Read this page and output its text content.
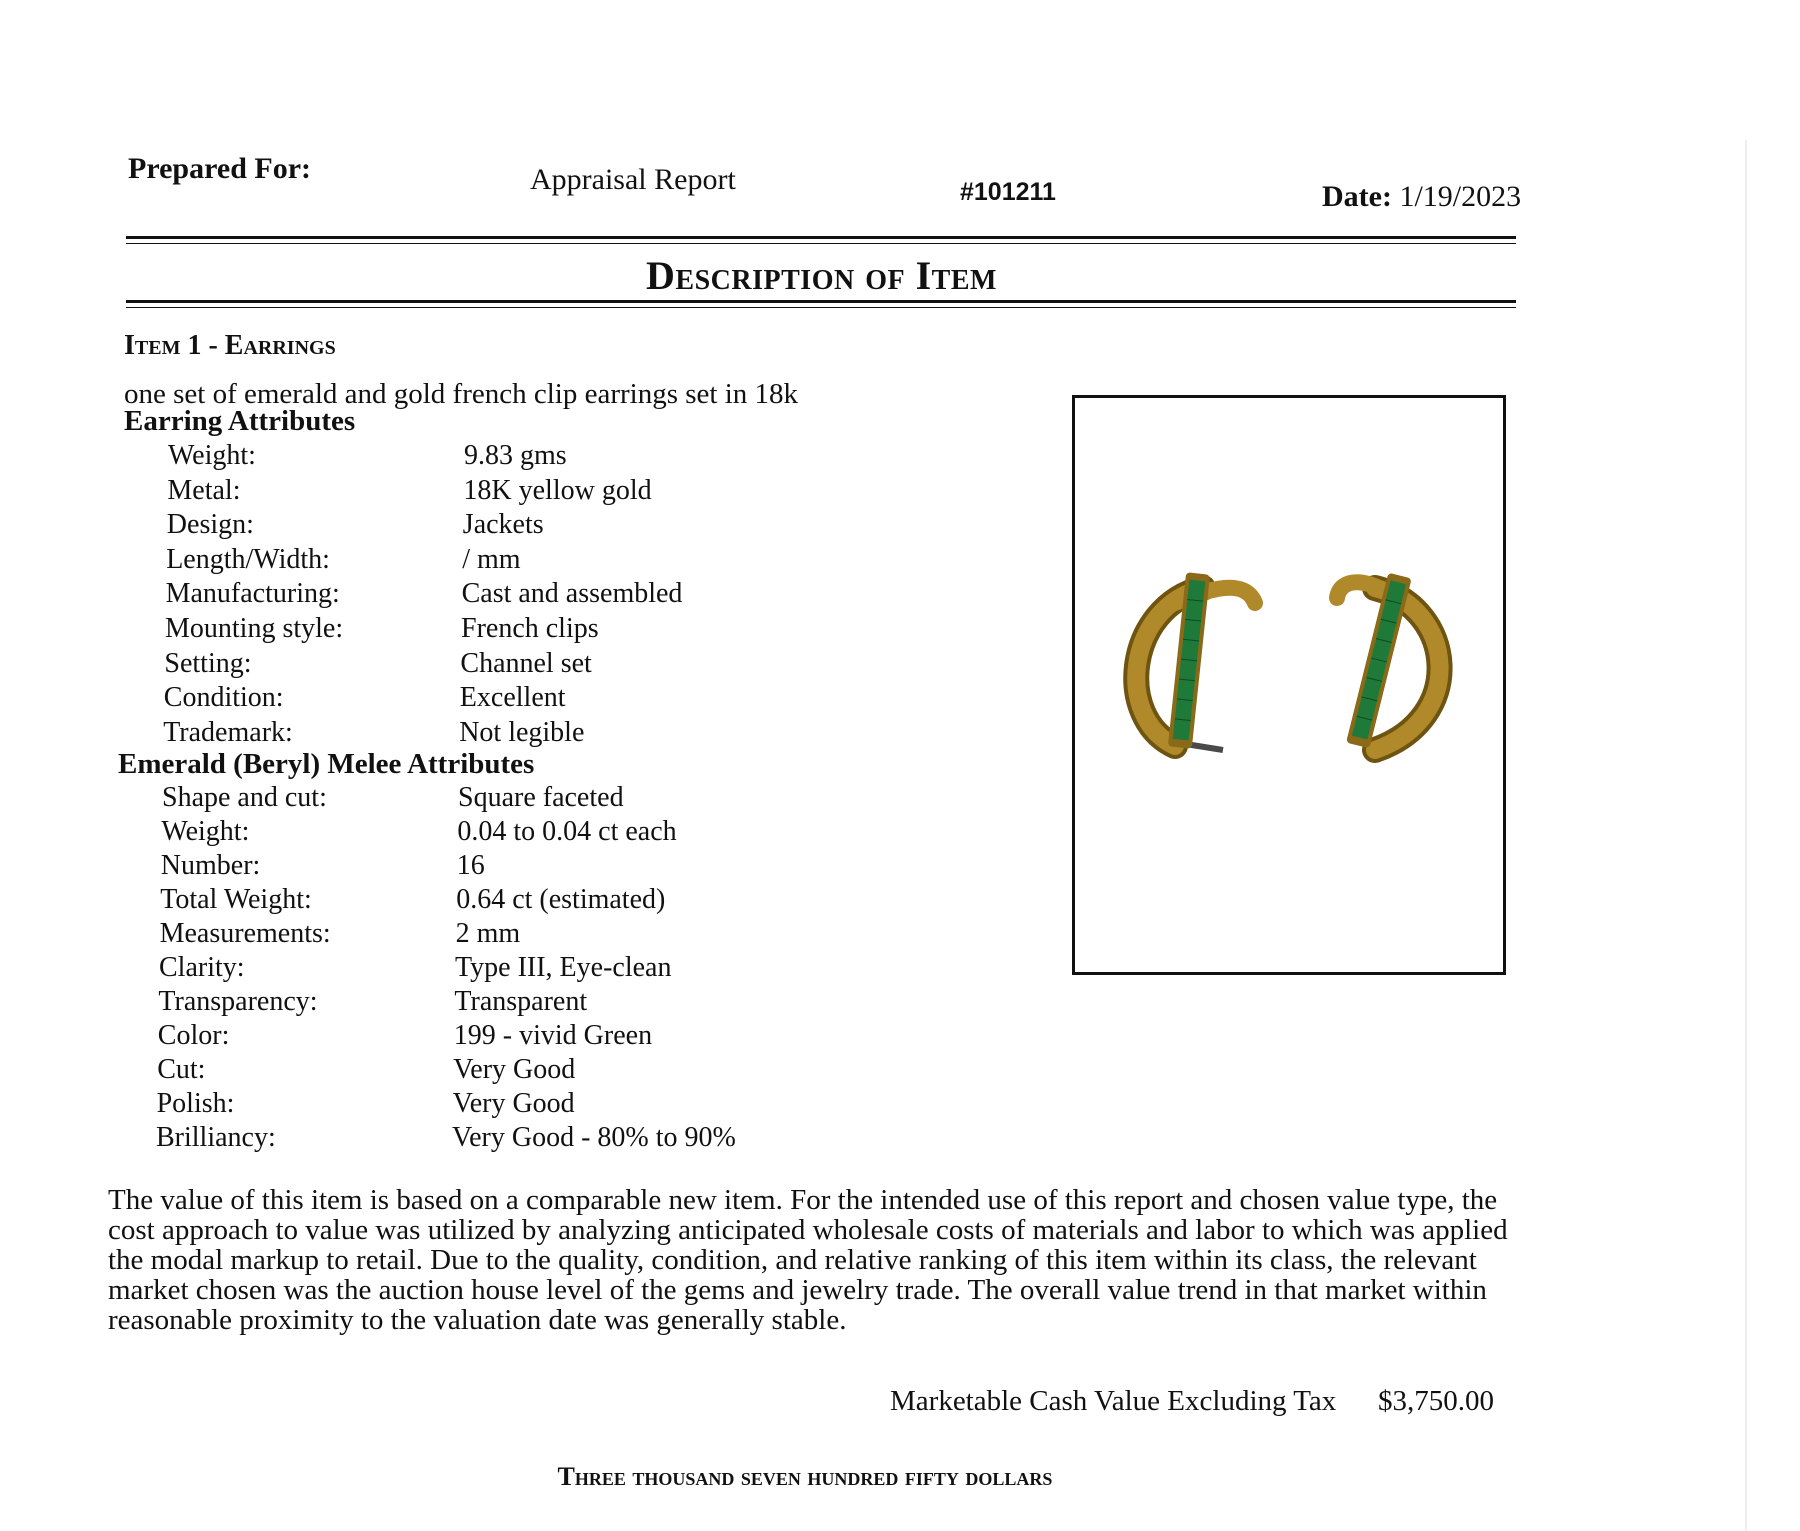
Prepared For:	Appraisal Report	#101211	Date: 1/19/2023
Description of Item
Item 1 - Earrings
one set of emerald and gold french clip earrings set in 18k
Earring Attributes
Weight:	9.83 gms
Metal:	18K yellow gold
Design:	Jackets
Length/Width:	/ mm
Manufacturing:	Cast and assembled
Mounting style:	French clips
Setting:	Channel set
Condition:	Excellent
Trademark:	Not legible
Emerald (Beryl) Melee Attributes
Shape and cut:	Square faceted
Weight:	0.04 to 0.04 ct each
Number:	16
Total Weight:	0.64 ct (estimated)
Measurements:	2 mm
Clarity:	Type III, Eye-clean
Transparency:	Transparent
Color:	199 - vivid Green
Cut:	Very Good
Polish:	Very Good
Brilliancy:	Very Good - 80% to 90%
The value of this item is based on a comparable new item. For the intended use of this report and chosen value type, the cost approach to value was utilized by analyzing anticipated wholesale costs of materials and labor to which was applied the modal markup to retail. Due to the quality, condition, and relative ranking of this item within its class, the relevant market chosen was the auction house level of the gems and jewelry trade. The overall value trend in that market within reasonable proximity to the valuation date was generally stable.
Marketable Cash Value Excluding Tax $3,750.00
Three thousand seven hundred fifty dollars
